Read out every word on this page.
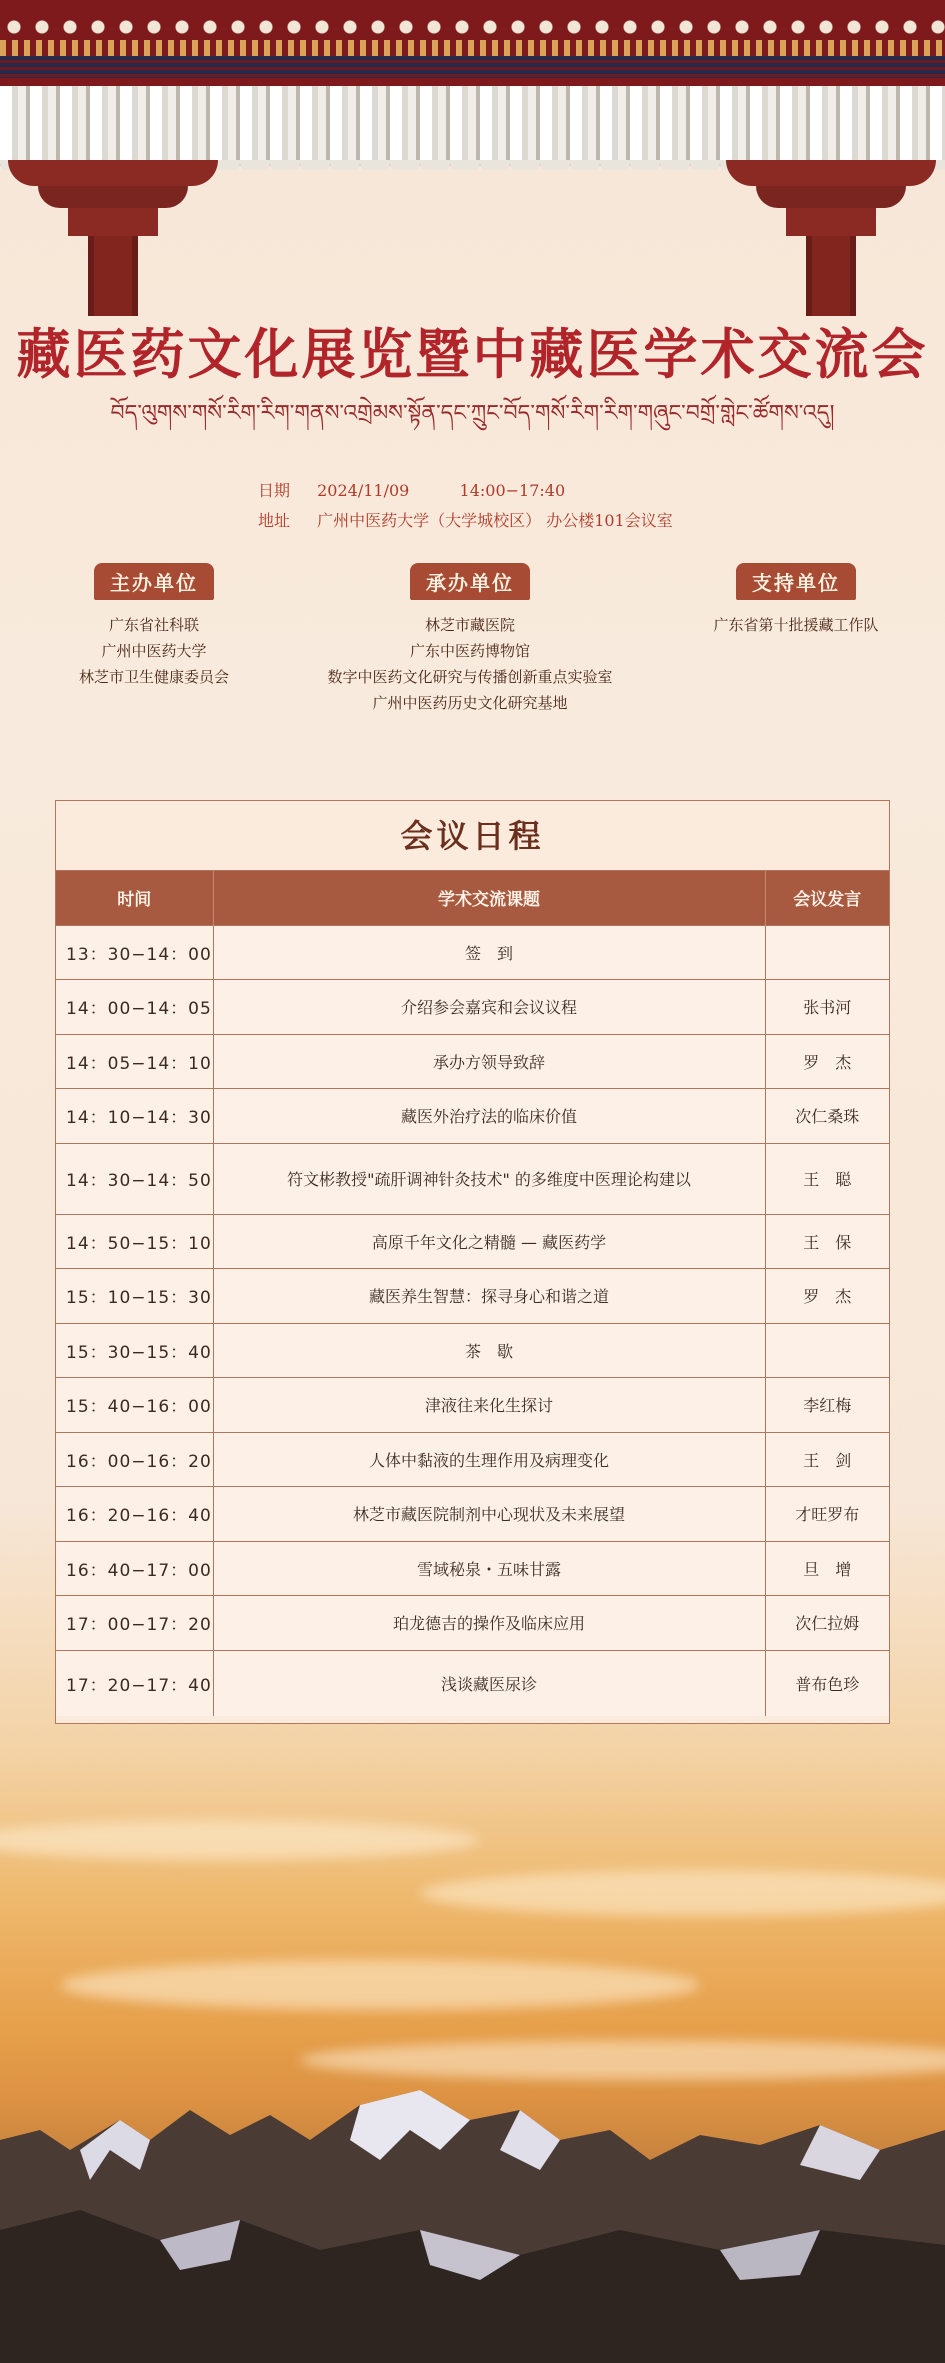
藏医药文化展览暨中藏医学术交流会
བོད་ལུགས་གསོ་རིག་རིག་གནས་འགྲེམས་སྟོན་དང་ཀྲུང་བོད་གསོ་རིག་རིག་གཞུང་བགྲོ་གླེང་ཚོགས་འདུ།
日期 2024/11/09	14:00−17:40
地址 广州中医药大学（大学城校区） 办公楼101会议室
主办单位
广东省社科联
广州中医药大学
林芝市卫生健康委员会
承办单位
林芝市藏医院
广东中医药博物馆
数字中医药文化研究与传播创新重点实验室
广州中医药历史文化研究基地
支持单位
广东省第十批援藏工作队
会议日程
时间	学术交流课题	会议发言
13：30−14：00	签　到	
14：00−14：05	介绍参会嘉宾和会议议程	张书河
14：05−14：10	承办方领导致辞	罗　杰
14：10−14：30	藏医外治疗法的临床价值	次仁桑珠
14：30−14：50	符文彬教授"疏肝调神针灸技术" 的多维度中医理论构建以	王　聪
14：50−15：10	高原千年文化之精髓 — 藏医药学	王　保
15：10−15：30	藏医养生智慧：探寻身心和谐之道	罗　杰
15：30−15：40	茶　歇	
15：40−16：00	津液往来化生探讨	李红梅
16：00−16：20	人体中黏液的生理作用及病理变化	王　剑
16：20−16：40	林芝市藏医院制剂中心现状及未来展望	才旺罗布
16：40−17：00	雪域秘泉・五味甘露	旦　增
17：00−17：20	珀龙德吉的操作及临床应用	次仁拉姆
17：20−17：40	浅谈藏医尿诊	普布色珍
